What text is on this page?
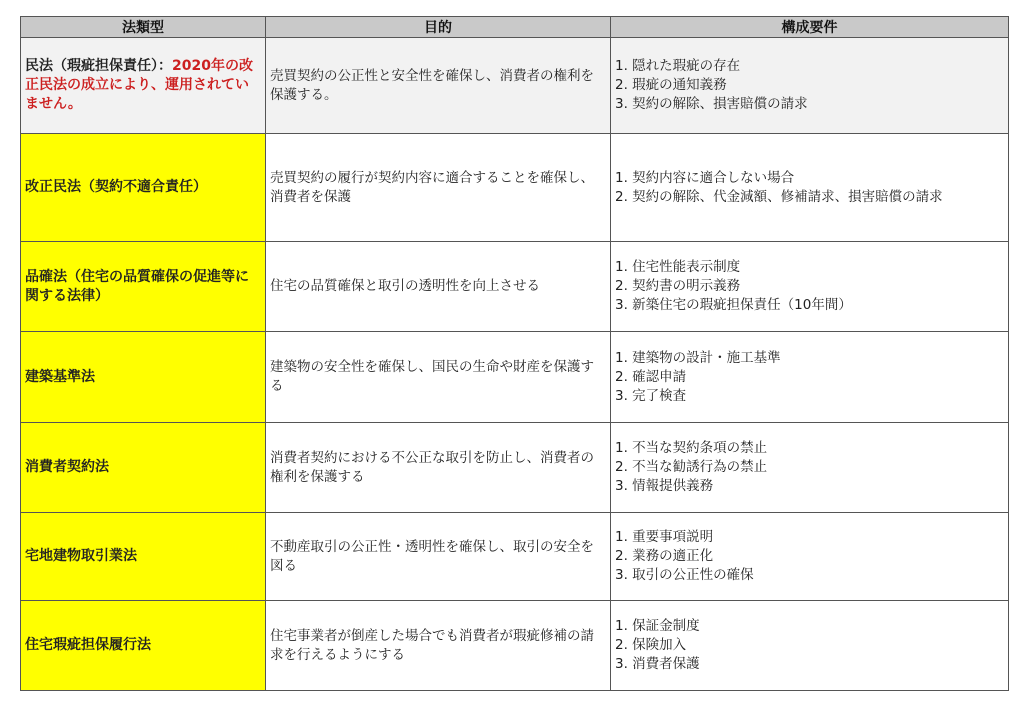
法類型	目的	構成要件
民法（瑕疵担保責任）：2020年の改正民法の成立により、運用されていません。	売買契約の公正性と安全性を確保し、消費者の権利を保護する。	1. 隠れた瑕疵の存在
2. 瑕疵の通知義務
3. 契約の解除、損害賠償の請求

改正民法（契約不適合責任）	売買契約の履行が契約内容に適合することを確保し、消費者を保護	1. 契約内容に適合しない場合
2. 契約の解除、代金減額、修補請求、損害賠償の請求

品確法（住宅の品質確保の促進等に関する法律）	住宅の品質確保と取引の透明性を向上させる	1. 住宅性能表示制度
2. 契約書の明示義務
3. 新築住宅の瑕疵担保責任（10年間）

建築基準法	建築物の安全性を確保し、国民の生命や財産を保護する	1. 建築物の設計・施工基準
2. 確認申請
3. 完了検査

消費者契約法	消費者契約における不公正な取引を防止し、消費者の権利を保護する	1. 不当な契約条項の禁止
2. 不当な勧誘行為の禁止
3. 情報提供義務

宅地建物取引業法	不動産取引の公正性・透明性を確保し、取引の安全を図る	1. 重要事項説明
2. 業務の適正化
3. 取引の公正性の確保

住宅瑕疵担保履行法	住宅事業者が倒産した場合でも消費者が瑕疵修補の請求を行えるようにする	1. 保証金制度
2. 保険加入
3. 消費者保護
